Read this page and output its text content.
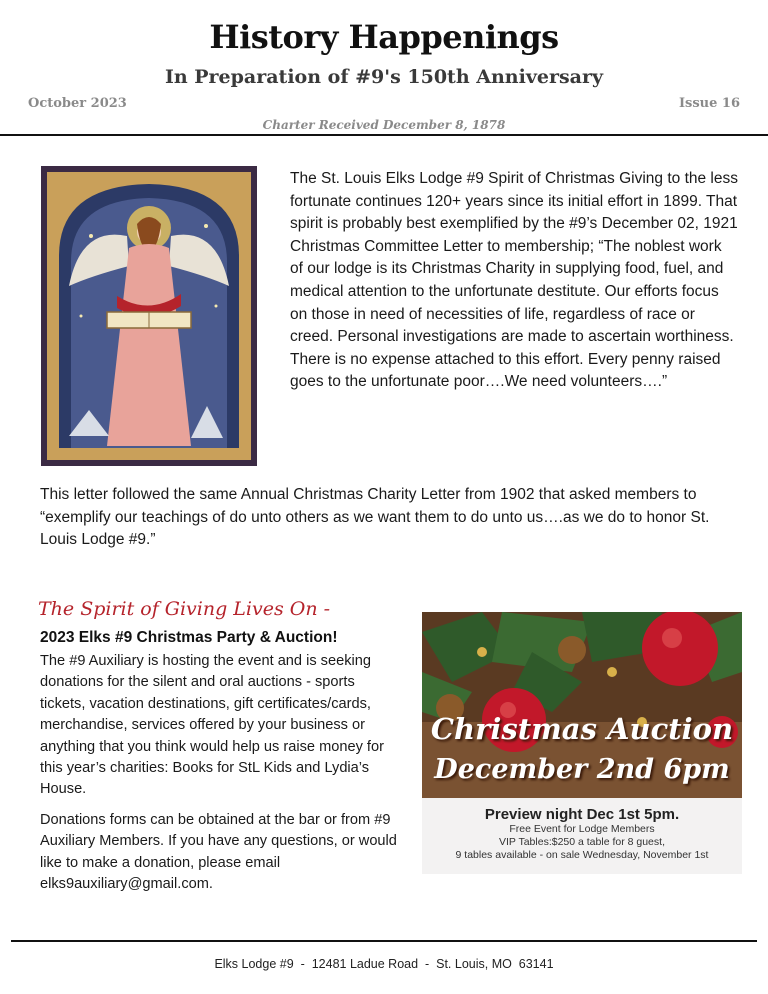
History Happenings
In Preparation of #9's 150th Anniversary
October 2023	Issue 16
Charter Received December 8, 1878
The St. Louis Elks Lodge #9 Spirit of Christmas Giving to the less fortunate continues 120+ years since its initial effort in 1899. That spirit is probably best exemplified by the #9’s December 02, 1921 Christmas Committee Letter to membership; “The noblest work of our lodge is its Christmas Charity in supplying food, fuel, and medical attention to the unfortunate destitute. Our efforts focus on those in need of necessities of life, regardless of race or creed. Personal investigations are made to ascertain worthiness. There is no expense attached to this effort. Every penny raised goes to the unfortunate poor….We need volunteers….”
This letter followed the same Annual Christmas Charity Letter from 1902 that asked members to “exemplify our teachings of do unto others as we want them to do unto us….as we do to honor St. Louis Lodge #9.”
The Spirit of Giving Lives On -
2023 Elks #9 Christmas Party & Auction!
The #9 Auxiliary is hosting the event and is seeking donations for the silent and oral auctions - sports tickets, vacation destinations, gift certificates/cards, merchandise, services offered by your business or anything that you think would help us raise money for this year’s charities: Books for StL Kids and Lydia’s House.
Donations forms can be obtained at the bar or from #9 Auxiliary Members. If you have any questions, or would like to make a donation, please email elks9auxiliary@gmail.com.
Christmas Auction
December 2nd 6pm
Preview night Dec 1st 5pm.
Free Event for Lodge Members
VIP Tables:$250 a table for 8 guest,
9 tables available - on sale Wednesday, November 1st
Elks Lodge #9  -  12481 Ladue Road  -  St. Louis, MO  63141
